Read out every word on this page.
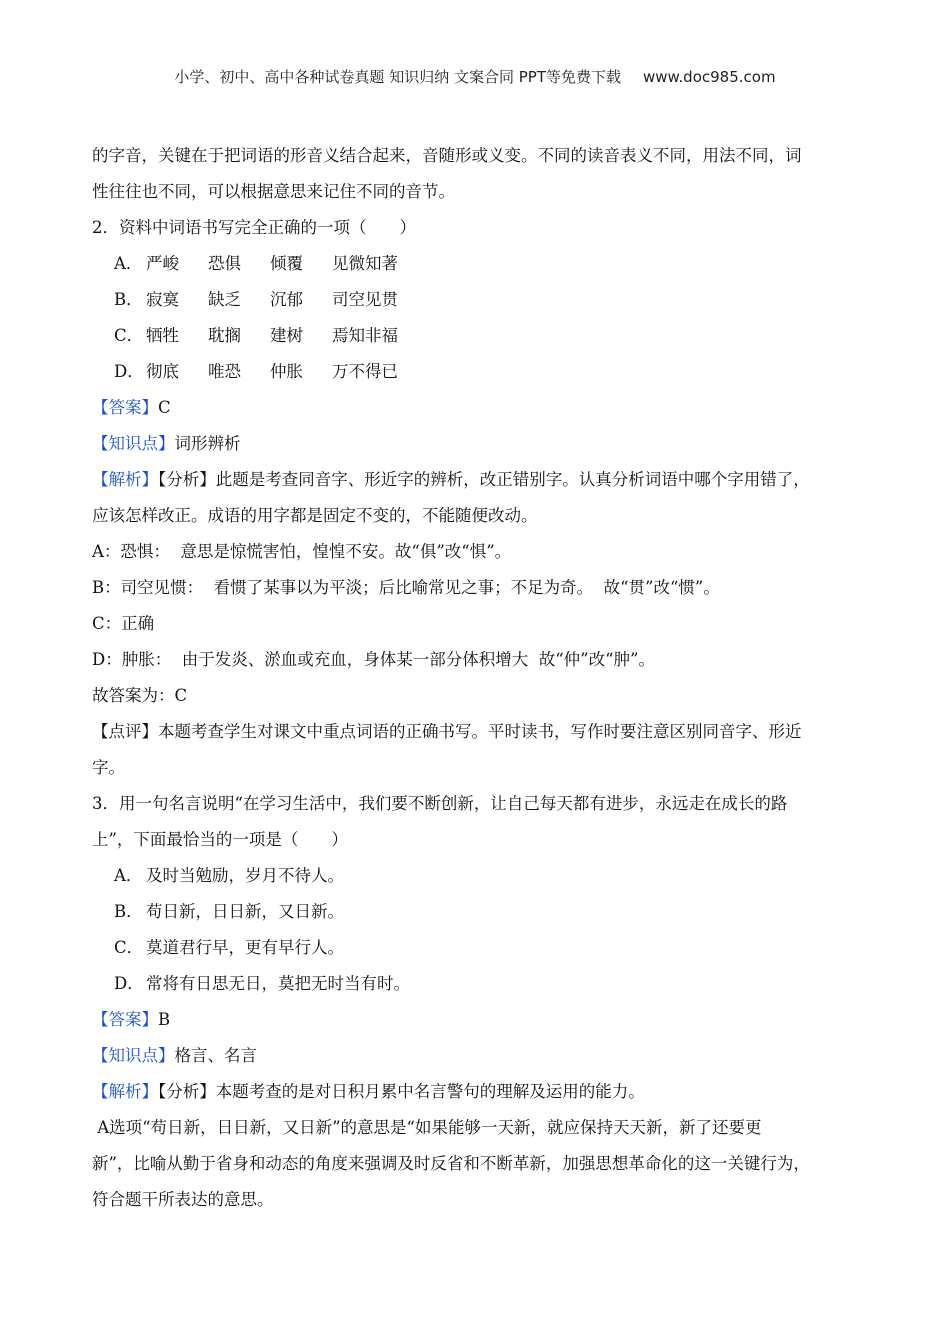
小学、初中、高中各种试卷真题 知识归纳 文案合同 PPT等免费下载 www.doc985.com
的字音，关键在于把词语的形音义结合起来，音随形或义变。不同的读音表义不同，用法不同，词
性往往也不同，可以根据意思来记住不同的音节。
2．资料中词语书写完全正确的一项（　　）
A． 严峻 恐俱 倾覆 见微知著
B． 寂寞 缺乏 沉郁 司空见贯
C． 牺牲 耽搁 建树 焉知非福
D． 彻底 唯恐 仲胀 万不得已
【答案】C
【知识点】词形辨析
【解析】【分析】此题是考查同音字、形近字的辨析，改正错别字。认真分析词语中哪个字用错了，
应该怎样改正。成语的用字都是固定不变的，不能随便改动。
A：恐惧：  意思是惊慌害怕，惶惶不安。故“俱”改“惧”。
B：司空见惯：  看惯了某事以为平淡；后比喻常见之事；不足为奇。  故“贯”改“惯”。
C：正确
D：肿胀：  由于发炎、淤血或充血，身体某一部分体积增大  故“仲”改“肿”。
故答案为：C
【点评】本题考查学生对课文中重点词语的正确书写。平时读书，写作时要注意区别同音字、形近
字。
3．用一句名言说明“在学习生活中，我们要不断创新，让自己每天都有进步，永远走在成长的路
上”，下面最恰当的一项是（　　）
A． 及时当勉励，岁月不待人。
B． 苟日新，日日新，又日新。
C． 莫道君行早，更有早行人。
D． 常将有日思无日，莫把无时当有时。
【答案】B
【知识点】格言、名言
【解析】【分析】本题考查的是对日积月累中名言警句的理解及运用的能力。
A选项“苟日新，日日新，又日新”的意思是“如果能够一天新，就应保持天天新，新了还要更
新”，比喻从勤于省身和动态的角度来强调及时反省和不断革新，加强思想革命化的这一关键行为，
符合题干所表达的意思。
